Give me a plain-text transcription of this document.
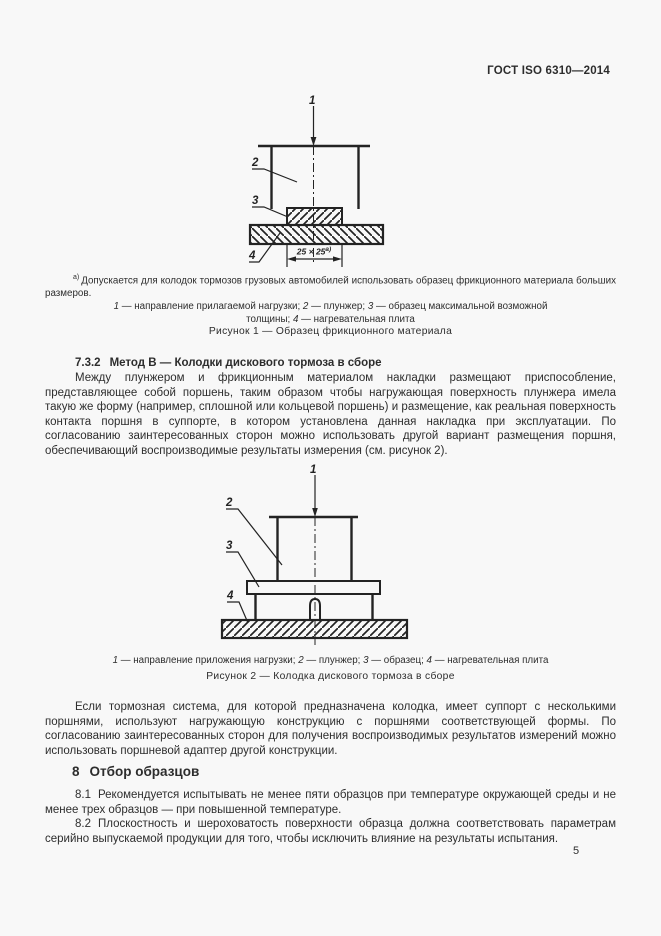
ГОСТ ISO 6310—2014
1
$25 \times 25^{а)}$
2
3
4

$^{а)}$ Допускается для колодок тормозов грузовых автомобилей использовать образец фрикционного материала больших размеров.

1 — направление прилагаемой нагрузки; 2 — плунжер; 3 — образец максимальной возможной толщины; 4 — нагревательная плита
Рисунок 1 — Образец фрикционного материала
7.3.2 Метод В — Колодки дискового тормоза в сборе

Между плунжером и фрикционным материалом накладки размещают приспособление, представляющее собой поршень, таким образом чтобы нагружающая поверхность плунжера имела такую же форму (например, сплошной или кольцевой поршень) и размещение, как реальная поверхность контакта поршня в суппорте, в котором установлена данная накладка при эксплуатации. По согласованию заинтересованных сторон можно использовать другой вариант размещения поршня, обеспечивающий воспроизводимые результаты измерения (см. рисунок 2).

1
2
3
4
1 — направление приложения нагрузки; 2 — плунжер; 3 — образец; 4 — нагревательная плита
Рисунок 2 — Колодка дискового тормоза в сборе

Если тормозная система, для которой предназначена колодка, имеет суппорт с несколькими поршнями, используют нагружающую конструкцию с поршнями соответствующей формы. По согласованию заинтересованных сторон для получения воспроизводимых результатов измерений можно использовать поршневой адаптер другой конструкции.

8 Отбор образцов

8.1 Рекомендуется испытывать не менее пяти образцов при температуре окружающей среды и не менее трех образцов — при повышенной температуре.

8.2 Плоскостность и шероховатость поверхности образца должна соответствовать параметрам серийно выпускаемой продукции для того, чтобы исключить влияние на результаты испытания.

5
